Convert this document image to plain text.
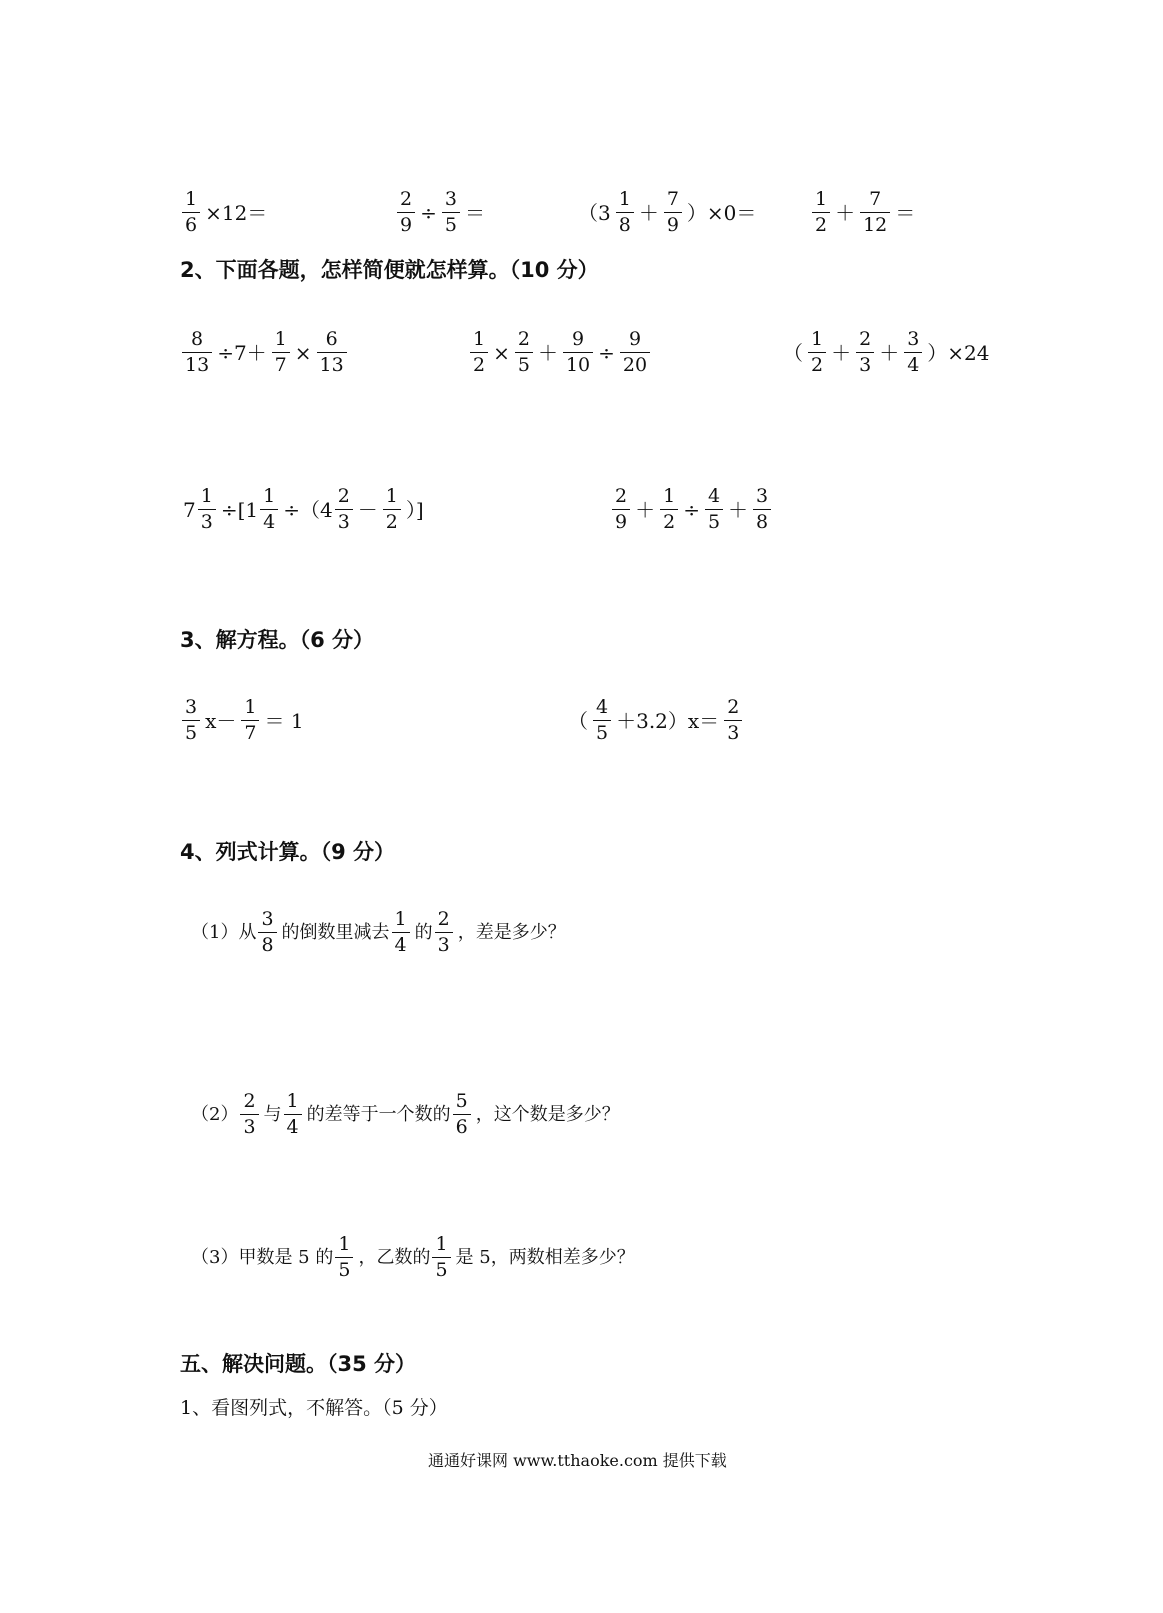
$\frac{1}{6} \times 12=$	$\frac{2}{9} \div \frac{3}{5}$ ＝	$(3 \frac{1}{8} + \frac{7}{9} )\times 0=$	$\frac{1}{2} + \frac{7}{12}$ ＝
2、下面各题，怎样简便就怎样算。（10 分）
$\frac{8}{13} \div 7+ \frac{1}{7} \times \frac{6}{13}$	$\frac{1}{2} \times \frac{2}{5} + \frac{9}{10} \div \frac{9}{20}$	（ $\frac{1}{2} + \frac{2}{3} + \frac{3}{4} )\times 24$
$7 \frac{1}{3} \div[1 \frac{1}{4} \div(4 \frac{2}{3} - \frac{1}{2}$ ）]	$\frac{2}{9} + \frac{1}{2} \div \frac{4}{5} + \frac{3}{8}$
3、解方程。（6 分）
$\frac{3}{5} x- \frac{1}{7} = 1$	（ $\frac{4}{5} +3.2)x= \frac{2}{3}$
4、列式计算。（9 分）
（1）从 $\frac{3}{8}$ 的倒数里减去 $\frac{1}{4}$ 的 $\frac{2}{3}$ ，差是多少？
$(2) \frac{2}{3}$ 与 $\frac{1}{4}$ 的差等于一个数的 $\frac{5}{6}$ ，这个数是多少？
（3）甲数是 5 的 $\frac{1}{5}$ ，乙数的 $\frac{1}{5}$ 是 5，两数相差多少？
五、解决问题。（35 分）
1、看图列式，不解答。（5 分）
通通好课网 www.tthaoke.com 提供下载
